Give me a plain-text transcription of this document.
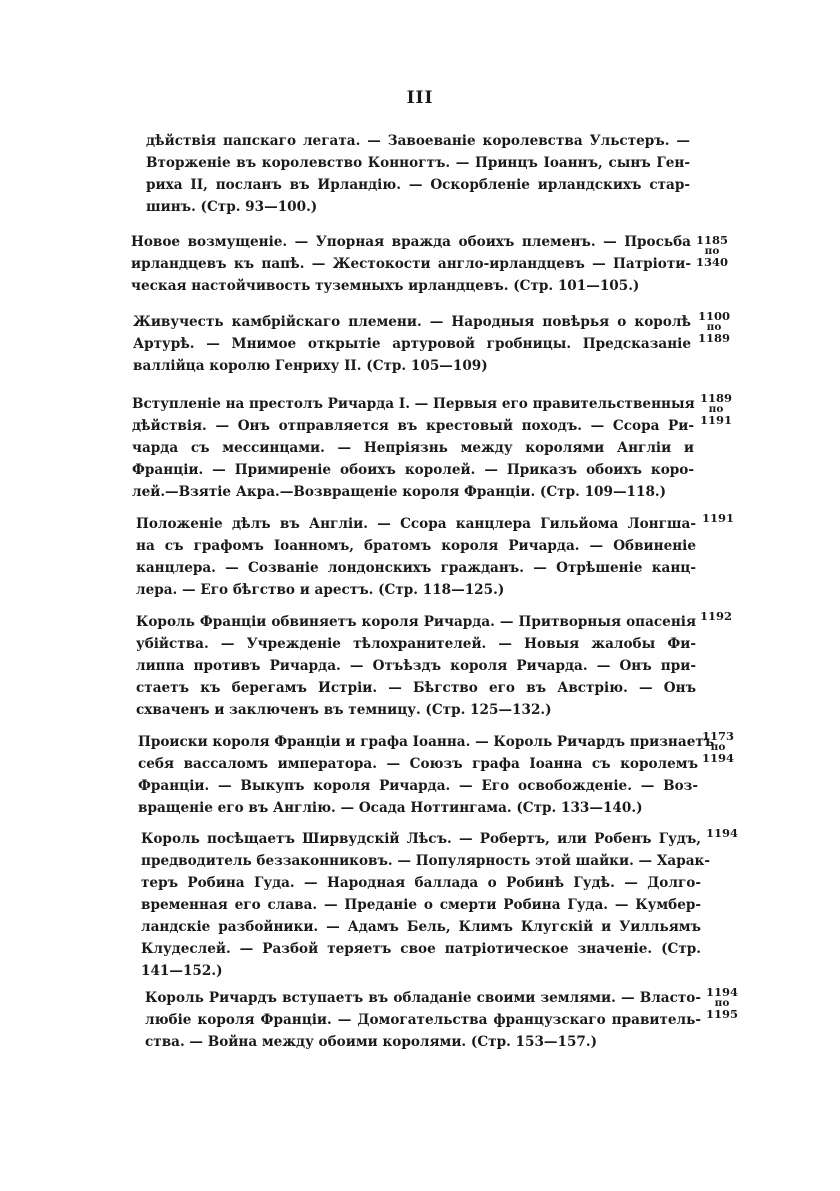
III
дѣйствія папскаго легата. — Завоеваніе королевства Ульстеръ. —
Вторженіе въ королевство Конногтъ. — Принцъ Іоаннъ, сынъ Ген-
риха II, посланъ въ Ирландію. — Оскорбленіе ирландскихъ стар-
шинъ. (Стр. 93—100.)
Новое возмущеніе. — Упорная вражда обоихъ племенъ. — Просьба
ирландцевъ къ папѣ. — Жестокости англо-ирландцевъ — Патріоти-
ческая настойчивость туземныхъ ирландцевъ. (Стр. 101—105.)
1185
по
1340
Живучесть камбрійскаго племени. — Народныя повѣрья о королѣ
Артурѣ. — Мнимое открытіе артуровой гробницы. Предсказаніе
валлійца королю Генриху II. (Стр. 105—109)
1100
по
1189
Вступленіе на престолъ Ричарда I. — Первыя его правительственныя
дѣйствія. — Онъ отправляется въ крестовый походъ. — Ссора Ри-
чарда съ мессинцами. — Непріязнь между королями Англіи и
Франціи. — Примиреніе обоихъ королей. — Приказъ обоихъ коро-
лей.—Взятіе Акра.—Возвращеніе короля Франціи. (Стр. 109—118.)
1189
по
1191
Положеніе дѣлъ въ Англіи. — Ссора канцлера Гильйома Лонгша-
на съ графомъ Іоанномъ, братомъ короля Ричарда. — Обвиненіе
канцлера. — Созваніе лондонскихъ гражданъ. — Отрѣшеніе канц-
лера. — Его бѣгство и арестъ. (Стр. 118—125.)
1191
Король Франціи обвиняетъ короля Ричарда. — Притворныя опасенія
убійства. — Учрежденіе тѣлохранителей. — Новыя жалобы Фи-
липпа противъ Ричарда. — Отъѣздъ короля Ричарда. — Онъ при-
стаетъ къ берегамъ Истріи. — Бѣгство его въ Австрію. — Онъ
схваченъ и заключенъ въ темницу. (Стр. 125—132.)
1192
Происки короля Франціи и графа Іоанна. — Король Ричардъ признаетъ
себя вассаломъ императора. — Союзъ графа Іоанна съ королемъ
Франціи. — Выкупъ короля Ричарда. — Его освобожденіе. — Воз-
вращеніе его въ Англію. — Осада Ноттингама. (Стр. 133—140.)
1173
по
1194
Король посѣщаетъ Ширвудскій Лѣсъ. — Робертъ, или Робенъ Гудъ,
предводитель беззаконниковъ. — Популярность этой шайки. — Харак-
теръ Робина Гуда. — Народная баллада о Робинѣ Гудѣ. — Долго-
временная его слава. — Преданіе о смерти Робина Гуда. — Кумбер-
ландскіе разбойники. — Адамъ Бель, Климъ Клугскій и Уилльямъ
Клудеслей. — Разбой теряетъ свое патріотическое значеніе. (Стр.
141—152.)
1194
Король Ричардъ вступаетъ въ обладаніе своими землями. — Власто-
любіе короля Франціи. — Домогательства французскаго правитель-
ства. — Война между обоими королями. (Стр. 153—157.)
1194
по
1195
